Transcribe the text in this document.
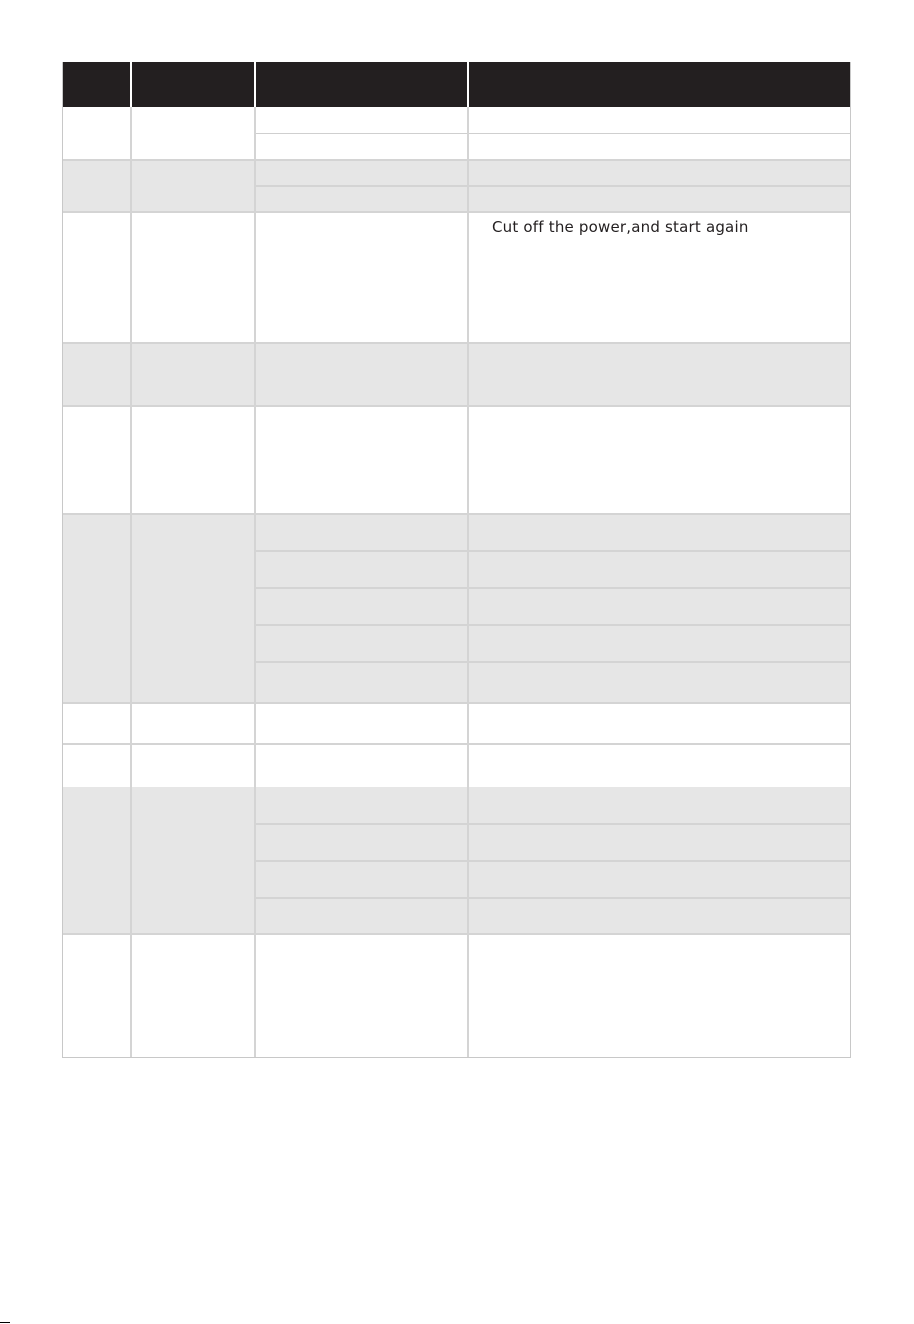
Cut off the power,and start again
